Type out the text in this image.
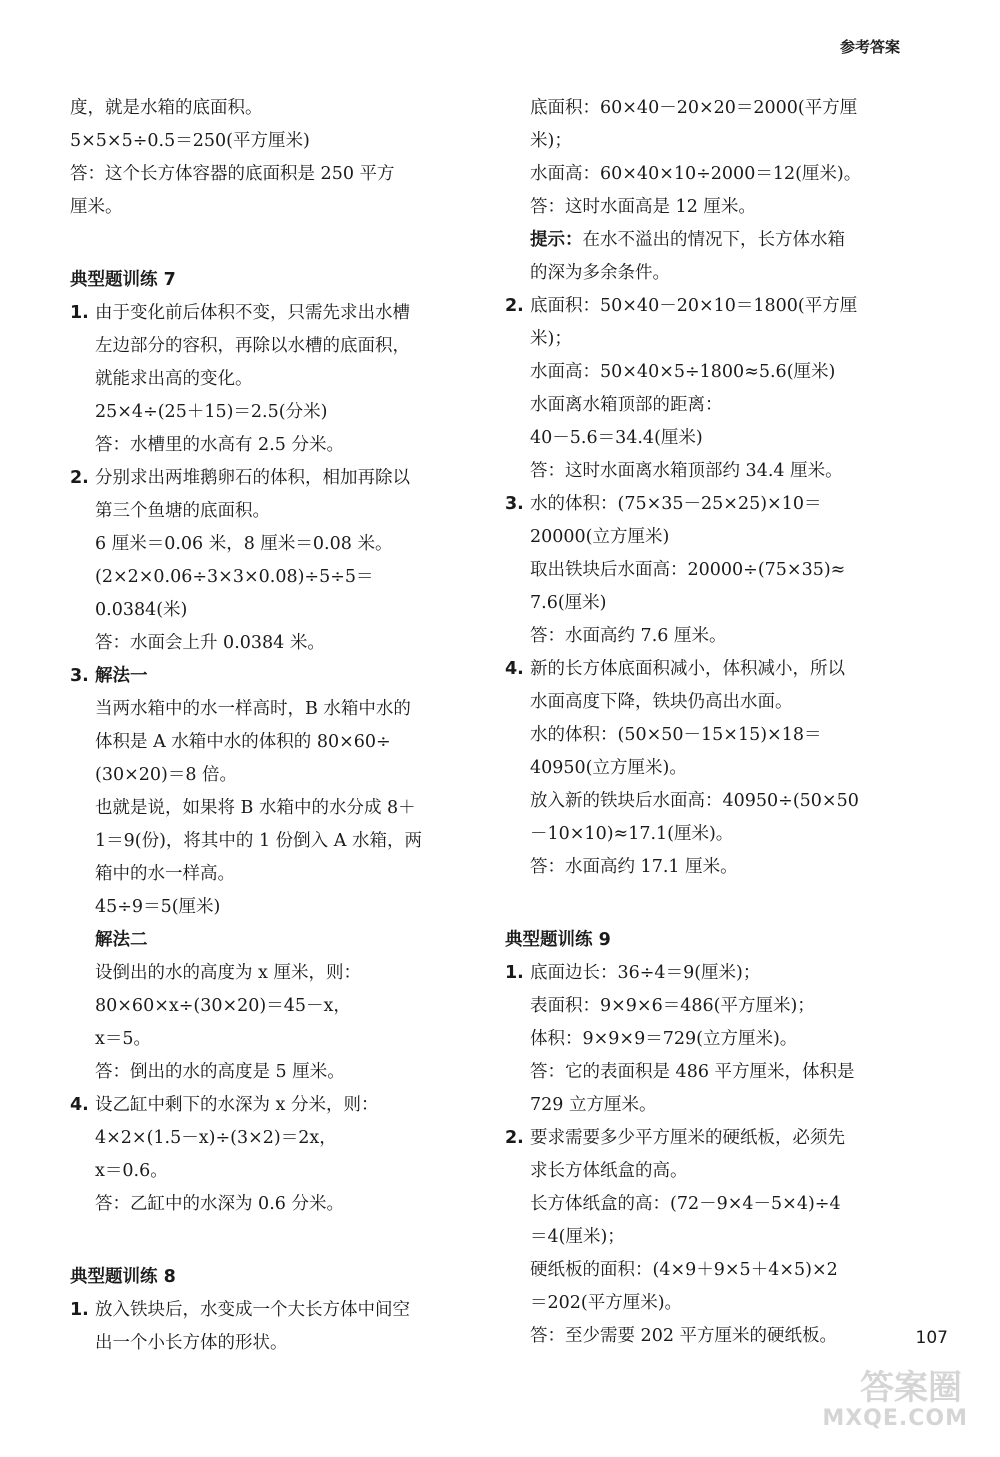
参考答案
度，就是水箱的底面积。
5×5×5÷0.5＝250(平方厘米)
答：这个长方体容器的底面积是 250 平方
厘米。
典型题训练 7
1. 由于变化前后体积不变，只需先求出水槽
左边部分的容积，再除以水槽的底面积，
就能求出高的变化。
25×4÷(25＋15)＝2.5(分米)
答：水槽里的水高有 2.5 分米。
2. 分别求出两堆鹅卵石的体积，相加再除以
第三个鱼塘的底面积。
6 厘米＝0.06 米，8 厘米＝0.08 米。
(2×2×0.06÷3×3×0.08)÷5÷5＝
0.0384(米)
答：水面会上升 0.0384 米。
3. 解法一
当两水箱中的水一样高时，B 水箱中水的
体积是 A 水箱中水的体积的 80×60÷
(30×20)＝8 倍。
也就是说，如果将 B 水箱中的水分成 8＋
1＝9(份)，将其中的 1 份倒入 A 水箱，两
箱中的水一样高。
45÷9＝5(厘米)
解法二
设倒出的水的高度为 x 厘米，则：
80×60×x÷(30×20)＝45－x，
x＝5。
答：倒出的水的高度是 5 厘米。
4. 设乙缸中剩下的水深为 x 分米，则：
4×2×(1.5－x)÷(3×2)＝2x，
x＝0.6。
答：乙缸中的水深为 0.6 分米。
典型题训练 8
1. 放入铁块后，水变成一个大长方体中间空
出一个小长方体的形状。
底面积：60×40－20×20＝2000(平方厘
米)；
水面高：60×40×10÷2000＝12(厘米)。
答：这时水面高是 12 厘米。
提示：在水不溢出的情况下，长方体水箱
的深为多余条件。
2. 底面积：50×40－20×10＝1800(平方厘
米)；
水面高：50×40×5÷1800≈5.6(厘米)
水面离水箱顶部的距离：
40－5.6＝34.4(厘米)
答：这时水面离水箱顶部约 34.4 厘米。
3. 水的体积：(75×35－25×25)×10＝
20000(立方厘米)
取出铁块后水面高：20000÷(75×35)≈
7.6(厘米)
答：水面高约 7.6 厘米。
4. 新的长方体底面积减小，体积减小，所以
水面高度下降，铁块仍高出水面。
水的体积：(50×50－15×15)×18＝
40950(立方厘米)。
放入新的铁块后水面高：40950÷(50×50
－10×10)≈17.1(厘米)。
答：水面高约 17.1 厘米。
典型题训练 9
1. 底面边长：36÷4＝9(厘米)；
表面积：9×9×6＝486(平方厘米)；
体积：9×9×9＝729(立方厘米)。
答：它的表面积是 486 平方厘米，体积是
729 立方厘米。
2. 要求需要多少平方厘米的硬纸板，必须先
求长方体纸盒的高。
长方体纸盒的高：(72－9×4－5×4)÷4
＝4(厘米)；
硬纸板的面积：(4×9＋9×5＋4×5)×2
＝202(平方厘米)。
答：至少需要 202 平方厘米的硬纸板。	107
答案圈
MXQE.COM
